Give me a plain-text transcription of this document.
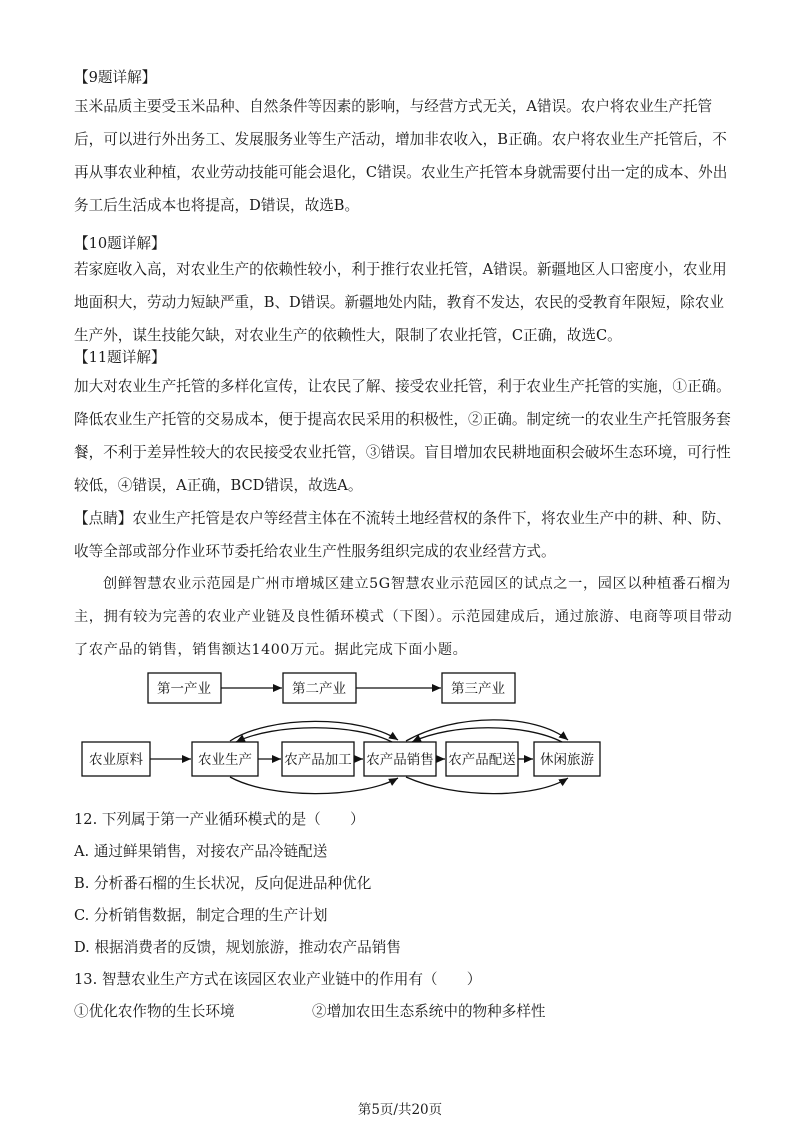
【9题详解】

玉米品质主要受玉米品种、自然条件等因素的影响，与经营方式无关，A错误。农户将农业生产托管后，可以进行外出务工、发展服务业等生产活动，增加非农收入，B正确。农户将农业生产托管后，不再从事农业种植，农业劳动技能可能会退化，C错误。农业生产托管本身就需要付出一定的成本、外出务工后生活成本也将提高，D错误，故选B。

【10题详解】

若家庭收入高，对农业生产的依赖性较小，利于推行农业托管，A错误。新疆地区人口密度小，农业用地面积大，劳动力短缺严重，B、D错误。新疆地处内陆，教育不发达，农民的受教育年限短，除农业生产外，谋生技能欠缺，对农业生产的依赖性大，限制了农业托管，C正确，故选C。

【11题详解】

加大对农业生产托管的多样化宣传，让农民了解、接受农业托管，利于农业生产托管的实施，①正确。降低农业生产托管的交易成本，便于提高农民采用的积极性，②正确。制定统一的农业生产托管服务套餐，不利于差异性较大的农民接受农业托管，③错误。盲目增加农民耕地面积会破坏生态环境，可行性较低，④错误，A正确，BCD错误，故选A。

【点睛】农业生产托管是农户等经营主体在不流转土地经营权的条件下，将农业生产中的耕、种、防、收等全部或部分作业环节委托给农业生产性服务组织完成的农业经营方式。

创鲜智慧农业示范园是广州市增城区建立5G智慧农业示范园区的试点之一，园区以种植番石榴为主，拥有较为完善的农业产业链及良性循环模式（下图）。示范园建成后，通过旅游、电商等项目带动了农产品的销售，销售额达1400万元。据此完成下面小题。

第一产业	第二产业	第三产业
农业原料	农业生产 农产品加工 农产品销售 农产品配送 休闲旅游
12. 下列属于第一产业循环模式的是（　　）
A. 通过鲜果销售，对接农产品冷链配送
B. 分析番石榴的生长状况，反向促进品种优化
C. 分析销售数据，制定合理的生产计划
D. 根据消费者的反馈，规划旅游，推动农产品销售
13. 智慧农业生产方式在该园区农业产业链中的作用有（　　）
①优化农作物的生长环境	②增加农田生态系统中的物种多样性
第5页/共20页
